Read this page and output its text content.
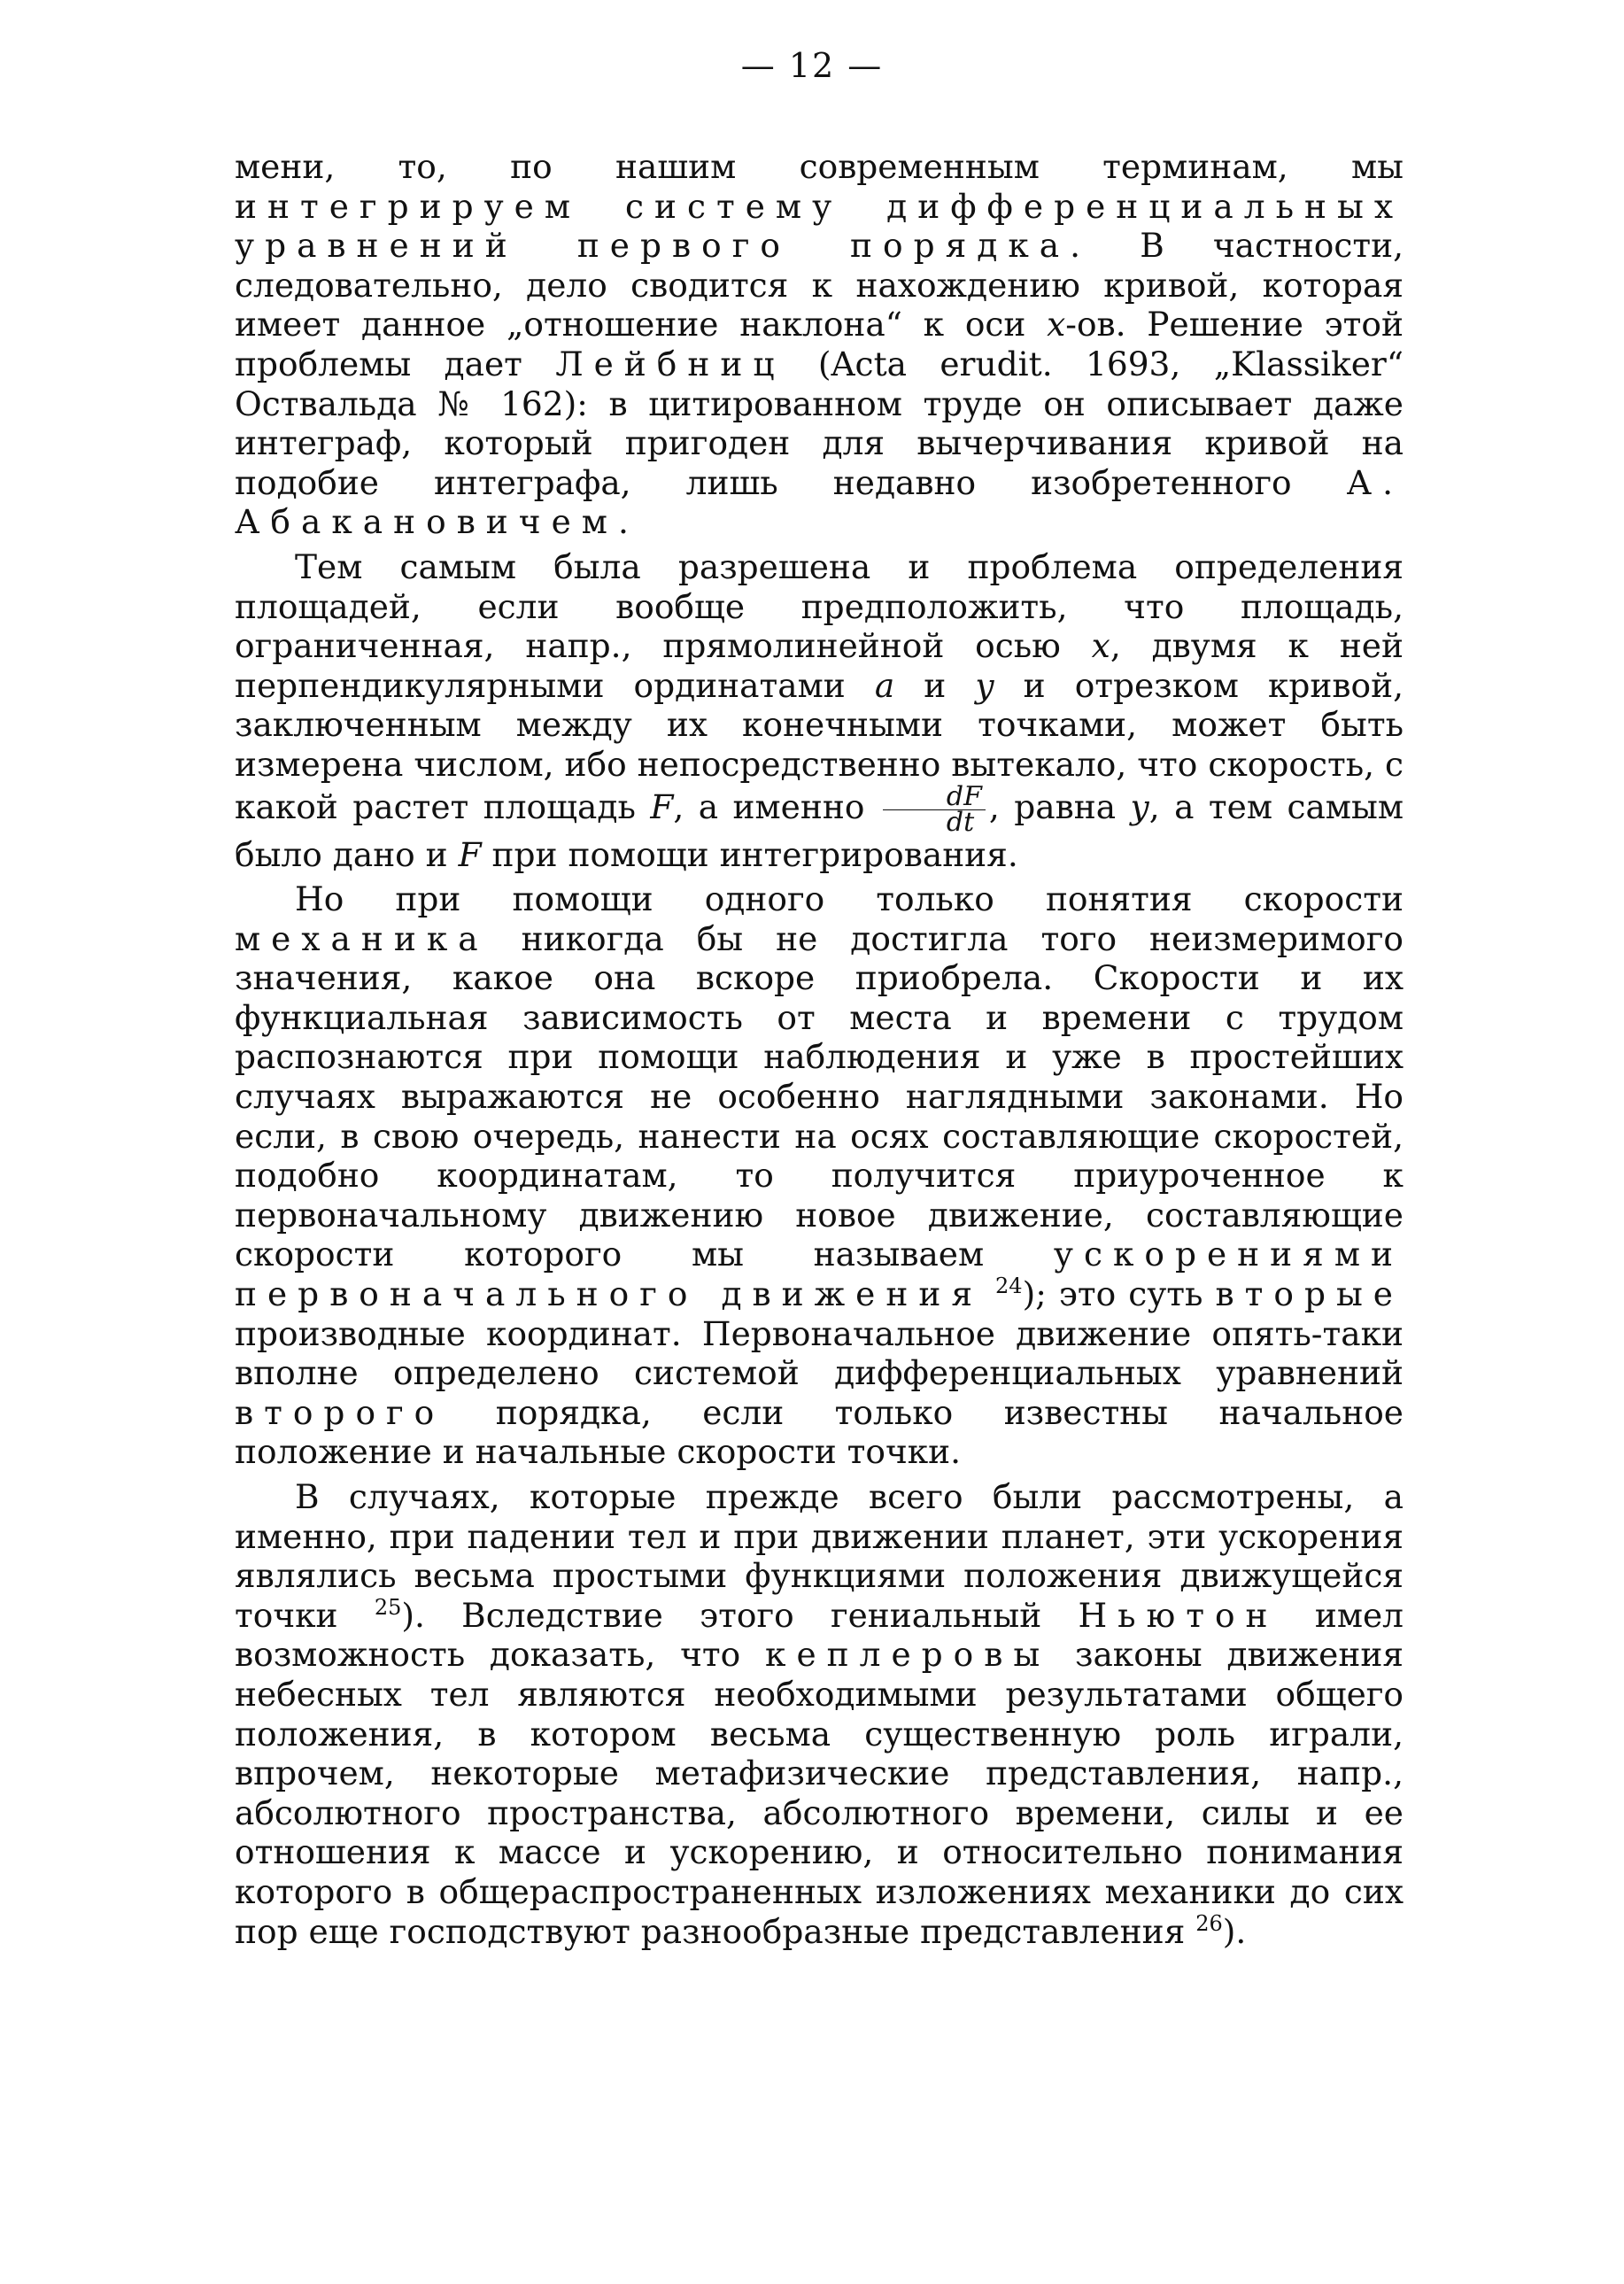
— 12 —

мени, то, по нашим современным терминам, мы интегрируем систему дифференциальных уравнений первого порядка. В частности, следовательно, дело сводится к нахождению кривой, которая имеет данное „отношение наклона“ к оси x-ов. Решение этой проблемы дает Лейбниц (Acta erudit. 1693, „Klassiker“ Оствальда № 162): в цитированном труде он описывает даже интеграф, который пригоден для вычерчивания кривой на подобие интеграфа, лишь недавно изобретенного А. Абакановичем.

Тем самым была разрешена и проблема определения площадей, если вообще предположить, что площадь, ограниченная, напр., прямолинейной осью x, двумя к ней перпендикулярными ординатами a и y и отрезком кривой, заключенным между их конечными точками, может быть измерена числом, ибо непосредственно вытекало, что скорость, с какой растет площадь F, а именно $\frac{dF}{dt}$ , равна y, а тем самым было дано и F при помощи интегрирования.

Но при помощи одного только понятия скорости механика никогда бы не достигла того неизмеримого значения, какое она вскоре приобрела. Скорости и их функциальная зависимость от места и времени с трудом распознаются при помощи наблюдения и уже в простейших случаях выражаются не особенно наглядными законами. Но если, в свою очередь, нанести на осях составляющие скоростей, подобно координатам, то получится приуроченное к первоначальному движению новое движение, составляющие скорости которого мы называем ускорениями первоначального движения $^{24}$); это суть вторые производные координат. Первоначальное движение опять-таки вполне определено системой дифференциальных уравнений второго порядка, если только известны начальное положение и начальные скорости точки.

В случаях, которые прежде всего были рассмотрены, а именно, при падении тел и при движении планет, эти ускорения являлись весьма простыми функциями положения движущейся точки $^{25}$). Вследствие этого гениальный Ньютон имел возможность доказать, что кеплеровы законы движения небесных тел являются необходимыми результатами общего положения, в котором весьма существенную роль играли, впрочем, некоторые метафизические представления, напр., абсолютного пространства, абсолютного времени, силы и ее отношения к массе и ускорению, и относительно понимания которого в общераспространенных изложениях механики до сих пор еще господствуют разнообразные представления $^{26}$).
